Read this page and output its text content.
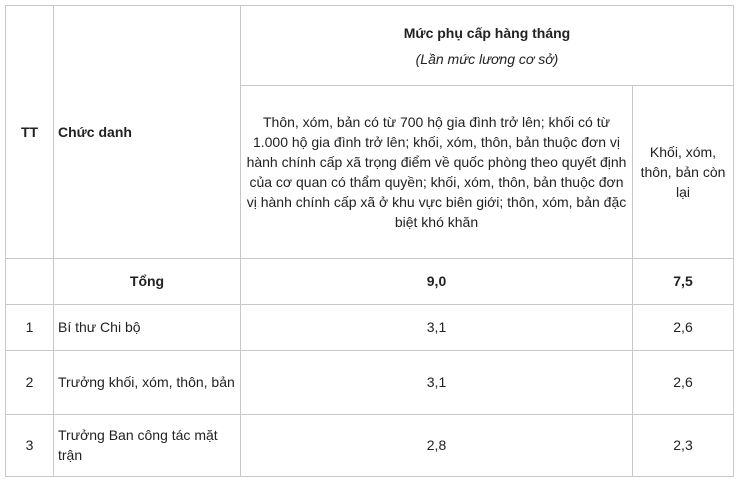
TT	Chức danh	Mức phụ cấp hàng tháng
(Lần mức lương cơ sở)	

		Thôn, xóm, bản có từ 700 hộ gia đình trở lên; khối có từ 1.000 hộ gia đình trở lên; khối, xóm, thôn, bản thuộc đơn vị hành chính cấp xã trọng điểm về quốc phòng theo quyết định của cơ quan có thẩm quyền; khối, xóm, thôn, bản thuộc đơn vị hành chính cấp xã ở khu vực biên giới; thôn, xóm, bản đặc biệt khó khăn	Khối, xóm, thôn, bản còn lại
	Tổng	9,0	7,5
1	Bí thư Chi bộ	3,1	2,6
2	Trưởng khối, xóm, thôn, bản	3,1	2,6
3	Trưởng Ban công tác mặt trận	2,8	2,3
